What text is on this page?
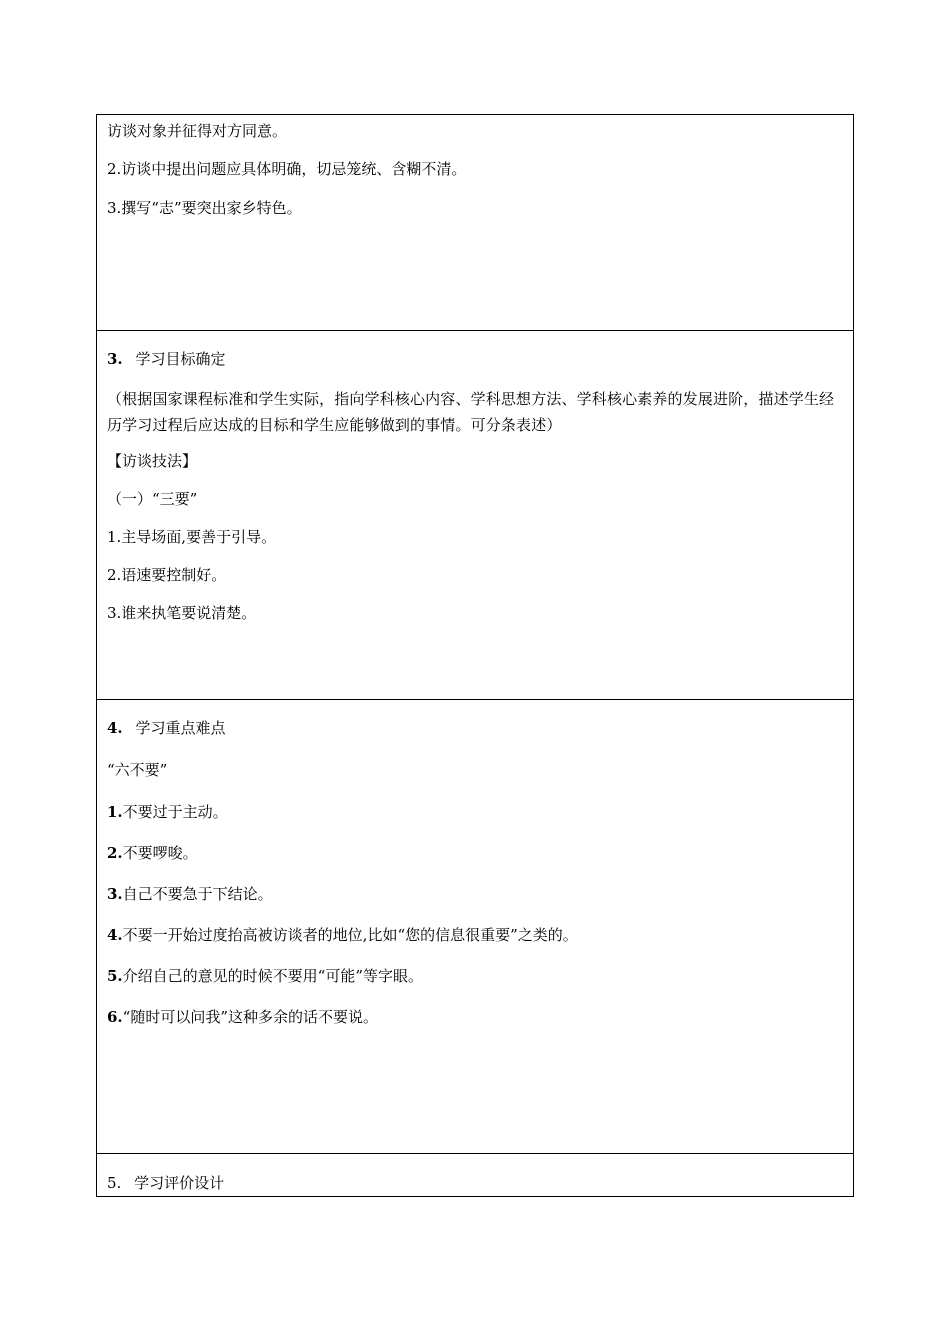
访谈对象并征得对方同意。
2.访谈中提出问题应具体明确，切忌笼统、含糊不清。
3.撰写“志”要突出家乡特色。
3. 学习目标确定
（根据国家课程标准和学生实际，指向学科核心内容、学科思想方法、学科核心素养的发展进阶，描述学生经历学习过程后应达成的目标和学生应能够做到的事情。可分条表述）
【访谈技法】
（一）“三要”
1.主导场面,要善于引导。
2.语速要控制好。
3.谁来执笔要说清楚。
4. 学习重点难点
“六不要”
1.不要过于主动。
2.不要啰唆。
3.自己不要急于下结论。
4.不要一开始过度抬高被访谈者的地位,比如“您的信息很重要”之类的。
5.介绍自己的意见的时候不要用“可能”等字眼。
6.“随时可以问我”这种多余的话不要说。
5. 学习评价设计
